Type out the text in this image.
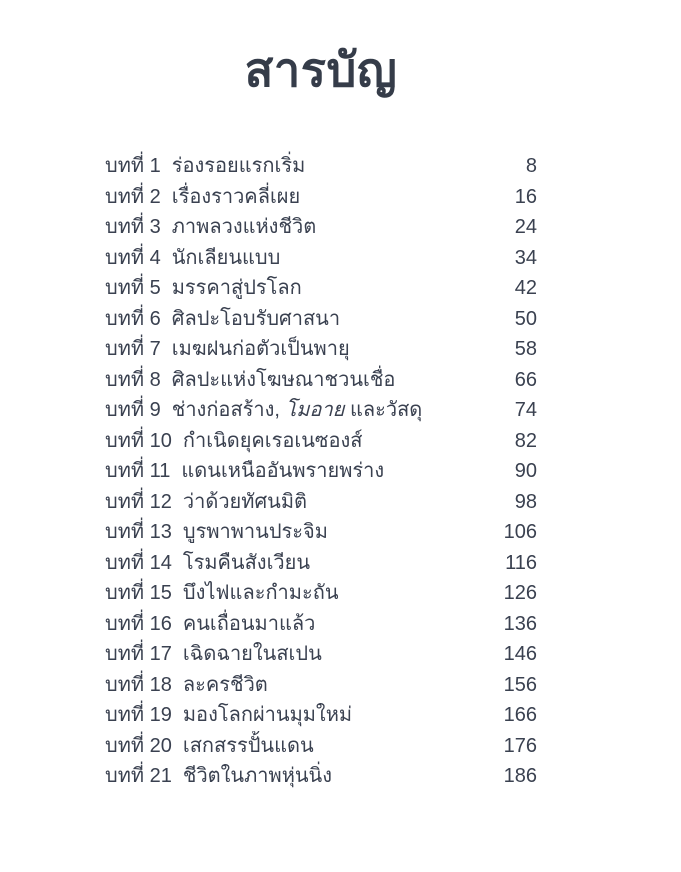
สารบัญ
บทที่ 1 ร่องรอยแรกเริ่ม	8
บทที่ 2 เรื่องราวคลี่เผย	16
บทที่ 3 ภาพลวงแห่งชีวิต	24
บทที่ 4 นักเลียนแบบ	34
บทที่ 5 มรรคาสู่ปรโลก	42
บทที่ 6 ศิลปะโอบรับศาสนา	50
บทที่ 7 เมฆฝนก่อตัวเป็นพายุ	58
บทที่ 8 ศิลปะแห่งโฆษณาชวนเชื่อ	66
บทที่ 9 ช่างก่อสร้าง, โมอาย และวัสดุ	74
บทที่ 10 กำเนิดยุคเรอเนซองส์	82
บทที่ 11 แดนเหนืออันพรายพร่าง	90
บทที่ 12 ว่าด้วยทัศนมิติ	98
บทที่ 13 บูรพาพานประจิม	106
บทที่ 14 โรมคืนสังเวียน	116
บทที่ 15 บึงไฟและกำมะถัน	126
บทที่ 16 คนเถื่อนมาแล้ว	136
บทที่ 17 เฉิดฉายในสเปน	146
บทที่ 18 ละครชีวิต	156
บทที่ 19 มองโลกผ่านมุมใหม่	166
บทที่ 20 เสกสรรปั้นแดน	176
บทที่ 21 ชีวิตในภาพหุ่นนิ่ง	186
